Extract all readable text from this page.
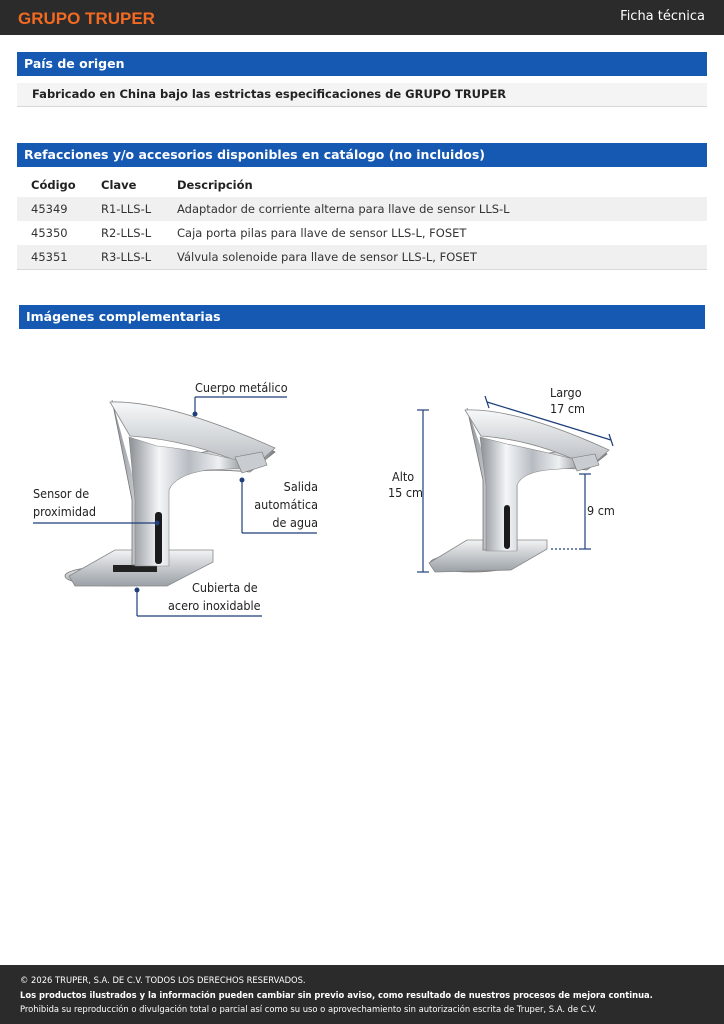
GRUPO TRUPER	Ficha técnica
País de origen
Fabricado en China bajo las estrictas especificaciones de GRUPO TRUPER
Refacciones y/o accesorios disponibles en catálogo (no incluidos)
Código	Clave	Descripción
45349	R1-LLS-L	Adaptador de corriente alterna para llave de sensor LLS-L
45350	R2-LLS-L	Caja porta pilas para llave de sensor LLS-L, FOSET
45351	R3-LLS-L	Válvula solenoide para llave de sensor LLS-L, FOSET
Imágenes complementarias
Cuerpo metálico
Sensor de
proximidad
Salida
automática
de agua
Cubierta de
acero inoxidable
Largo
17 cm
Alto
15 cm
9 cm
© 2026 TRUPER, S.A. DE C.V. TODOS LOS DERECHOS RESERVADOS.
Los productos ilustrados y la información pueden cambiar sin previo aviso, como resultado de nuestros procesos de mejora continua.
Prohibida su reproducción o divulgación total o parcial así como su uso o aprovechamiento sin autorización escrita de Truper, S.A. de C.V.
